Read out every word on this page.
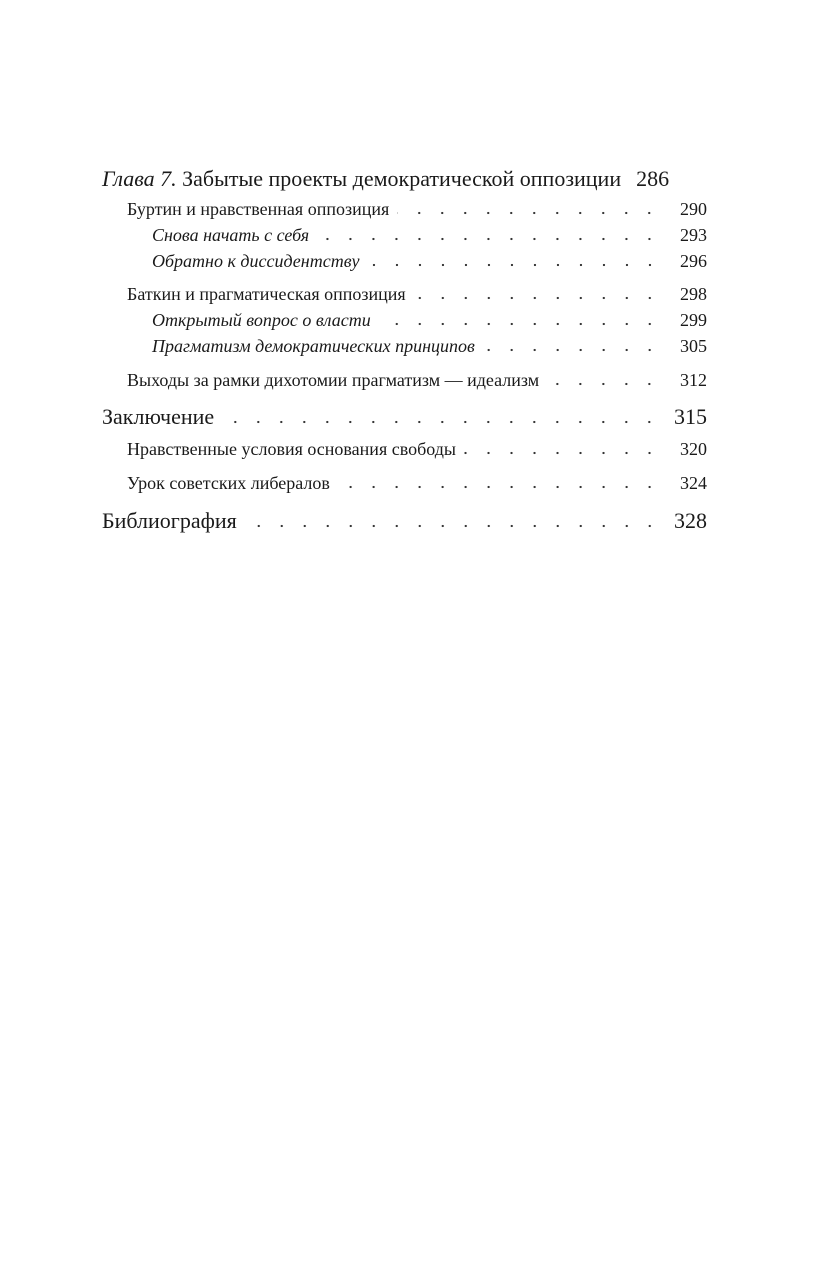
Глава 7. Забытые проекты демократической оппозиции 286
Буртин и нравственная оппозиция	290
Снова начать с себя	293
Обратно к диссидентству	296
Баткин и прагматическая оппозиция	298
Открытый вопрос о власти	299
Прагматизм демократических принципов	305
Выходы за рамки дихотомии прагматизм — идеализм	312
Заключение	315
Нравственные условия основания свободы	320
Урок советских либералов	324
Библиография	328
